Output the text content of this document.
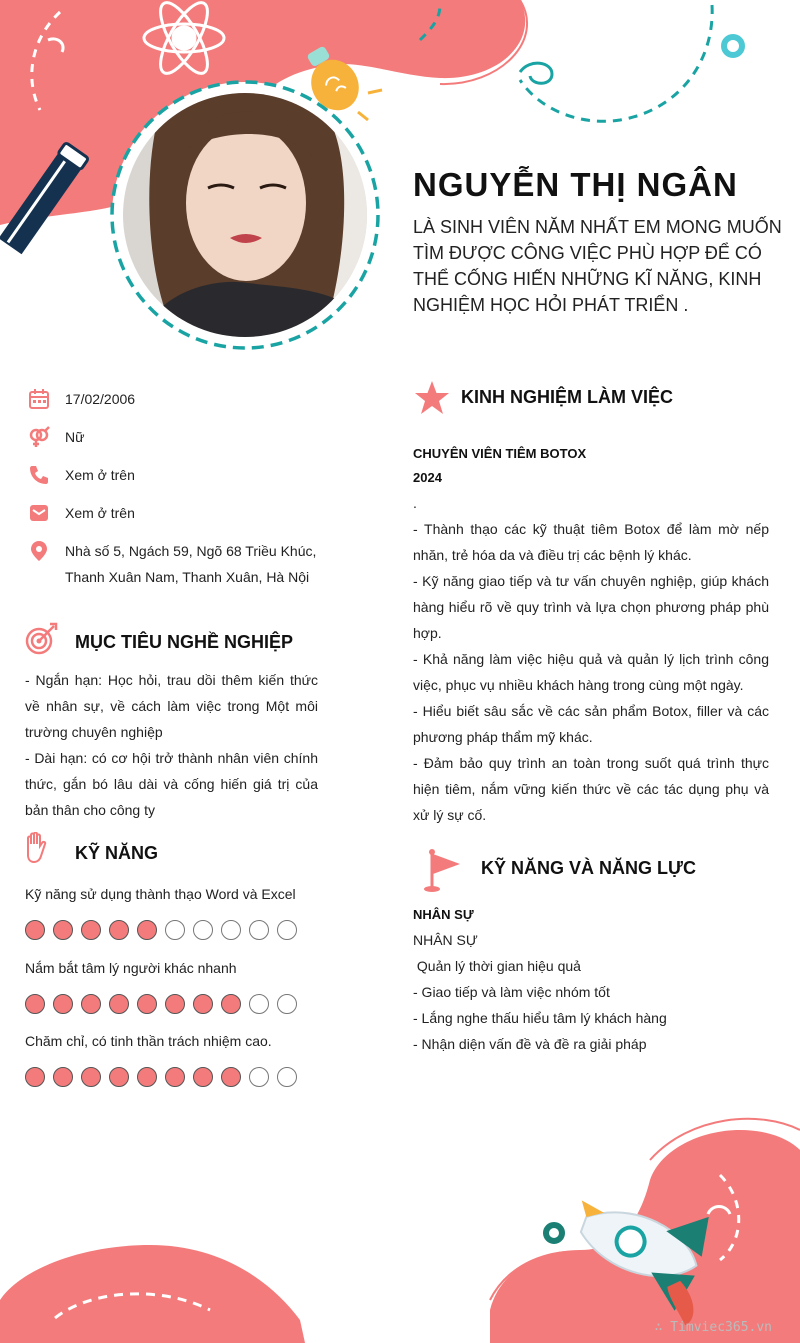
NGUYỄN THỊ NGÂN

LÀ SINH VIÊN NĂM NHẤT EM MONG MUỐN TÌM ĐƯỢC CÔNG VIỆC PHÙ HỢP ĐỂ CÓ THỂ CỐNG HIẾN NHỮNG KĨ NĂNG, KINH NGHIỆM HỌC HỎI PHÁT TRIỂN .

17/02/2006
Nữ
Xem ở trên
Xem ở trên
Nhà số 5, Ngách 59, Ngõ 68 Triều Khúc,
Thanh Xuân Nam, Thanh Xuân, Hà Nội
MỤC TIÊU NGHỀ NGHIỆP

- Ngắn hạn: Học hỏi, trau dồi thêm kiến thức về nhân sự, về cách làm việc trong Một môi trường chuyên nghiệp

- Dài hạn: có cơ hội trở thành nhân viên chính thức, gắn bó lâu dài và cống hiến giá trị của bản thân cho công ty

KỸ NĂNG
Kỹ năng sử dụng thành thạo Word và Excel
Nắm bắt tâm lý người khác nhanh
Chăm chỉ, có tinh thần trách nhiệm cao.
KINH NGHIỆM LÀM VIỆC
CHUYÊN VIÊN TIÊM BOTOX
2024
.

- Thành thạo các kỹ thuật tiêm Botox để làm mờ nếp nhăn, trẻ hóa da và điều trị các bệnh lý khác.

- Kỹ năng giao tiếp và tư vấn chuyên nghiệp, giúp khách hàng hiểu rõ về quy trình và lựa chọn phương pháp phù hợp.

- Khả năng làm việc hiệu quả và quản lý lịch trình công việc, phục vụ nhiều khách hàng trong cùng một ngày.

- Hiểu biết sâu sắc về các sản phẩm Botox, filler và các phương pháp thẩm mỹ khác.

- Đảm bảo quy trình an toàn trong suốt quá trình thực hiện tiêm, nắm vững kiến thức về các tác dụng phụ và xử lý sự cố.

KỸ NĂNG VÀ NĂNG LỰC
NHÂN SỰ
NHÂN SỰ
Quản lý thời gian hiệu quả
- Giao tiếp và làm việc nhóm tốt
- Lắng nghe thấu hiểu tâm lý khách hàng
- Nhận diện vấn đề và đề ra giải pháp
∴ Timviec365.vn
